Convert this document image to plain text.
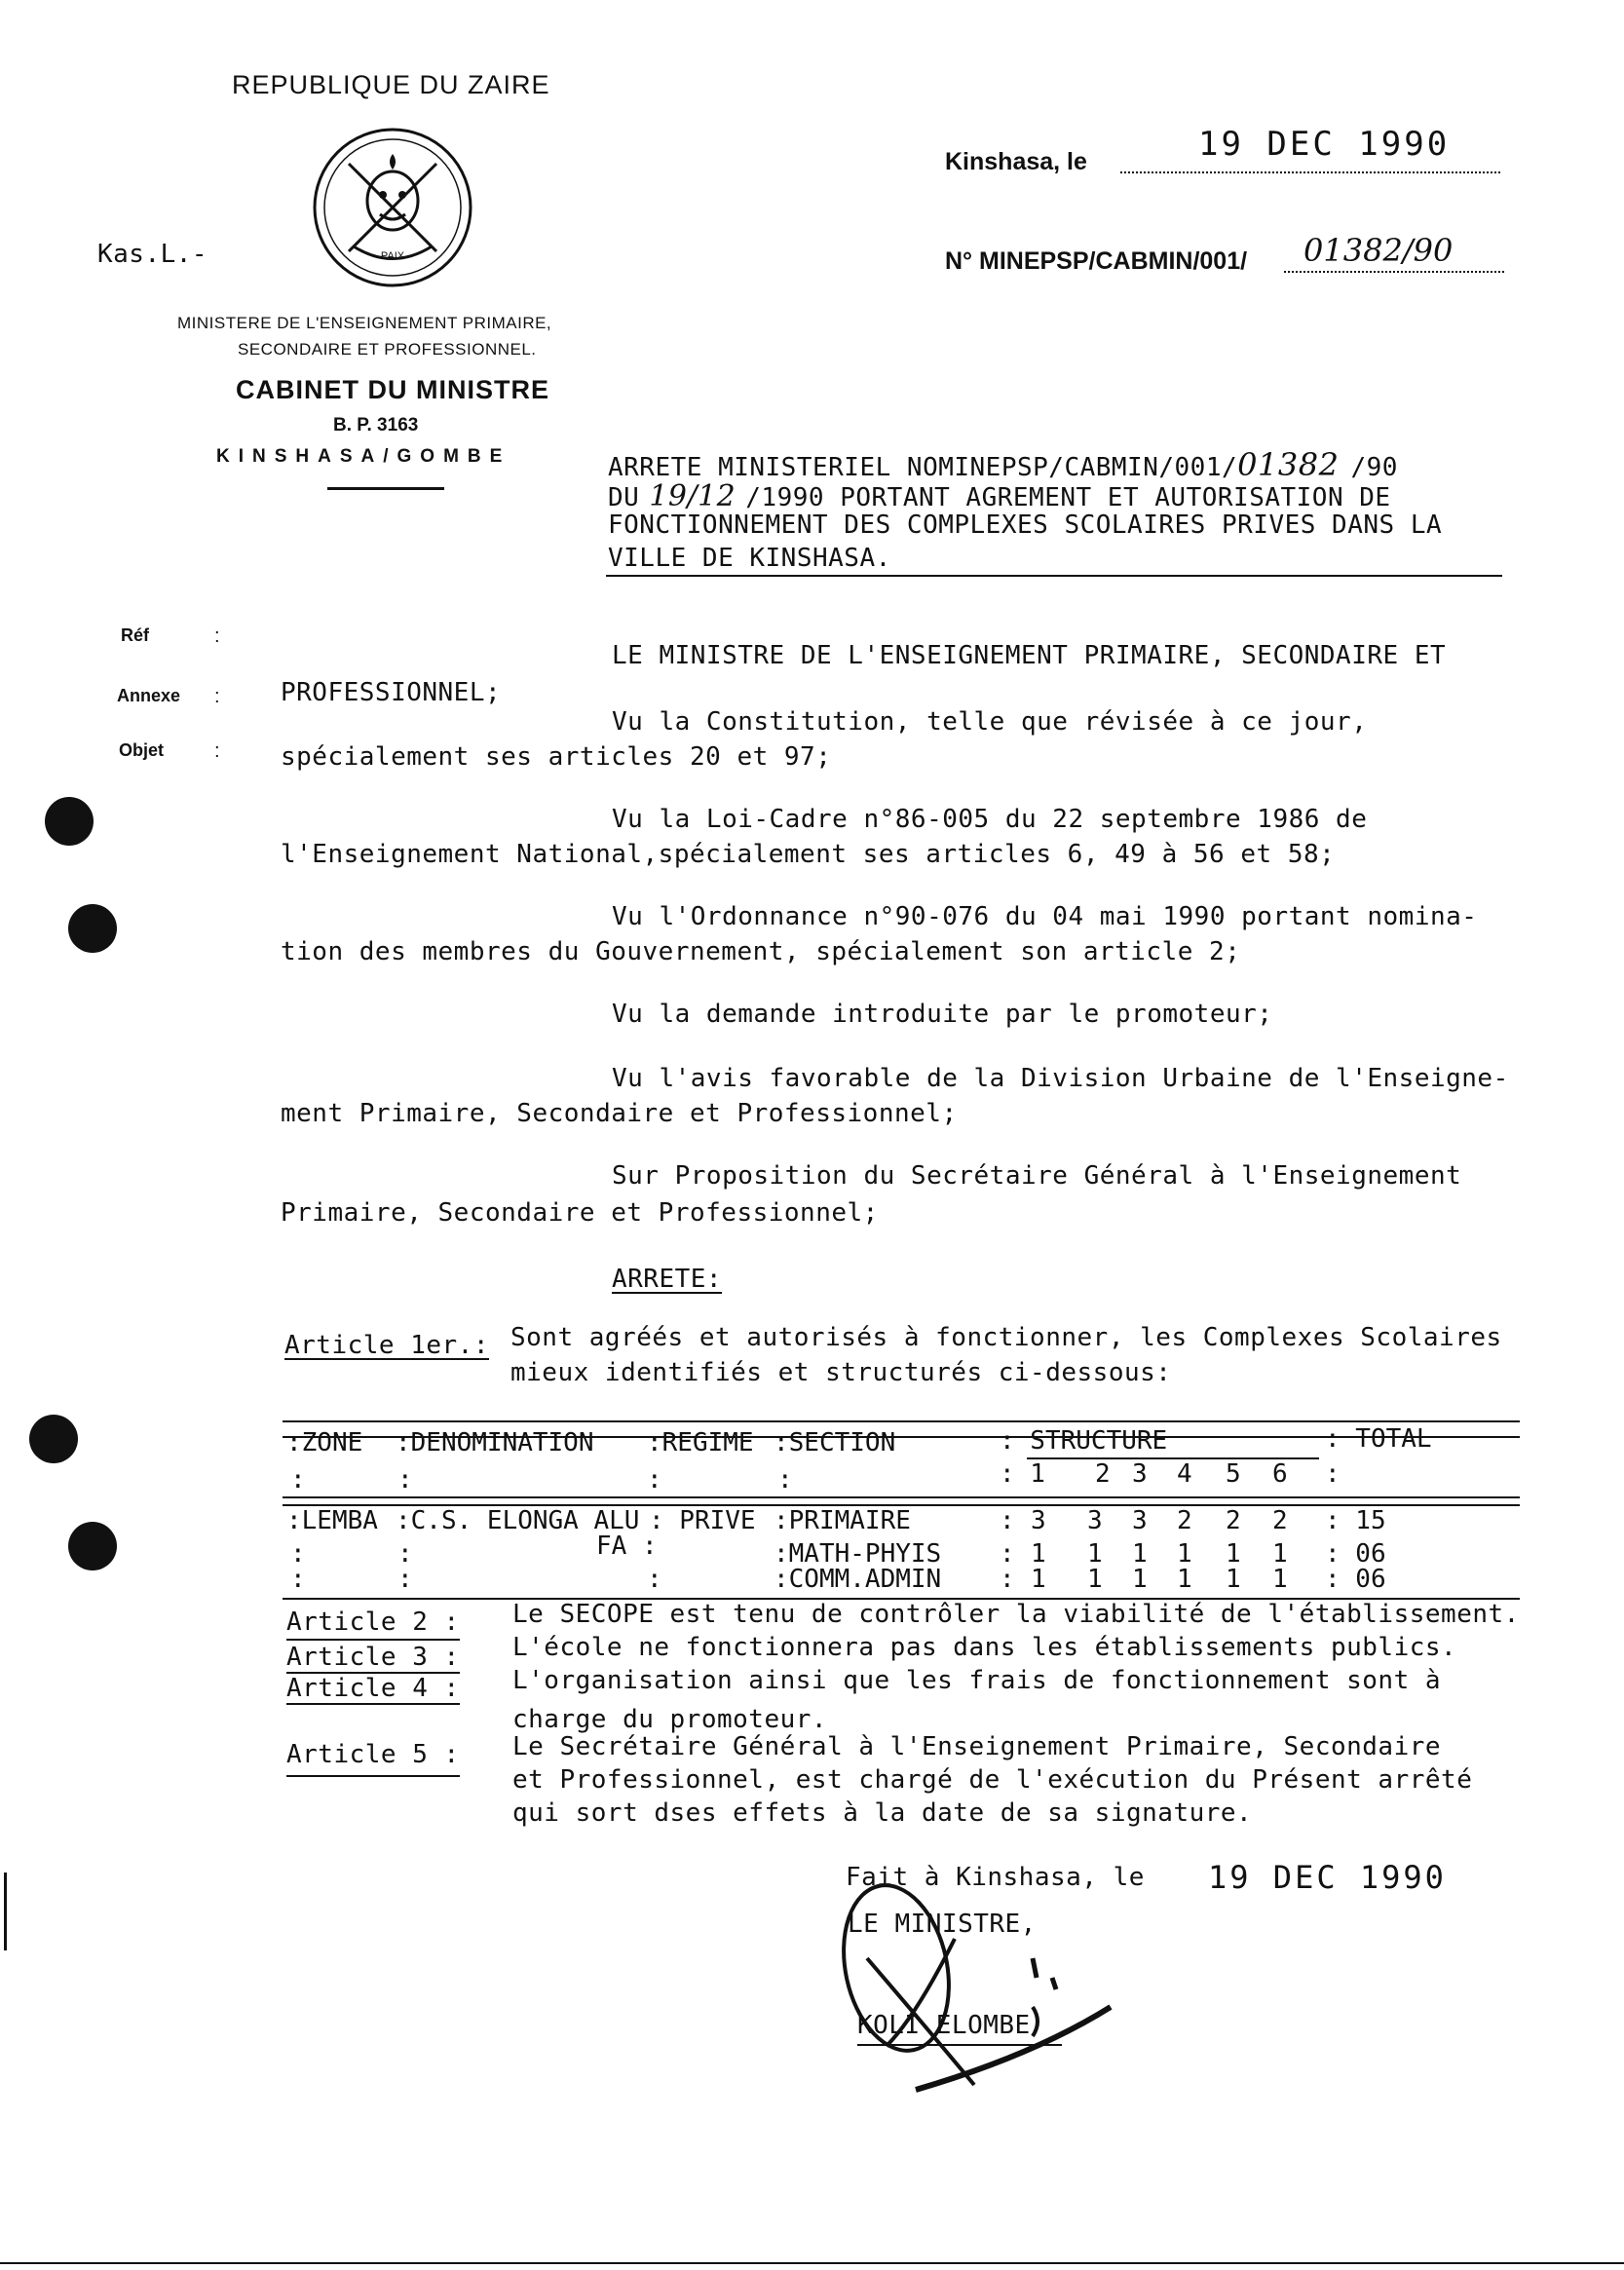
REPUBLIQUE DU ZAIRE
PAIX
Kas.L.-
MINISTERE DE L'ENSEIGNEMENT PRIMAIRE,
SECONDAIRE ET PROFESSIONNEL.
CABINET DU MINISTRE
B. P. 3163
KINSHASA/GOMBE
Kinshasa, le	19 DEC 1990
N° MINEPSP/CABMIN/001/ 01382/90
Réf	:
Annexe :
Objet	:
ARRETE MINISTERIEL NOMINEPSP/CABMIN/001/01382 /90
DU 19/12 /1990 PORTANT AGREMENT ET AUTORISATION DE
FONCTIONNEMENT DES COMPLEXES SCOLAIRES PRIVES DANS LA
VILLE DE KINSHASA.
LE MINISTRE DE L'ENSEIGNEMENT PRIMAIRE, SECONDAIRE ET
PROFESSIONNEL;
Vu la Constitution, telle que révisée à ce jour,
spécialement ses articles 20 et 97;
Vu la Loi-Cadre n°86-005 du 22 septembre 1986 de
l'Enseignement National,spécialement ses articles 6, 49 à 56 et 58;
Vu l'Ordonnance n°90-076 du 04 mai 1990 portant nomina-
tion des membres du Gouvernement, spécialement son article 2;
Vu la demande introduite par le promoteur;
Vu l'avis favorable de la Division Urbaine de l'Enseigne-
ment Primaire, Secondaire et Professionnel;
Sur Proposition du Secrétaire Général à l'Enseignement
Primaire, Secondaire et Professionnel;
ARRETE:
Article 1er.: Sont agréés et autorisés à fonctionner, les Complexes Scolaires
mieux identifiés et structurés ci-dessous:
:ZONE :DENOMINATION :REGIME :SECTION	: STRUCTURE	: TOTAL
:	:	:	:	: 1 2 3 4 5 6 :
:LEMBA :C.S. ELONGA ALU : PRIVE :PRIMAIRE	: 3 3 3 2 2 2 : 15
:	:	FA :	:MATH-PHYIS : 1 1 1 1 1 1 : 06
:	:	:	:COMM.ADMIN : 1 1 1 1 1 1 : 06
Article 2 : Le SECOPE est tenu de contrôler la viabilité de l'établissement.
Article 3 : L'école ne fonctionnera pas dans les établissements publics.
Article 4 : L'organisation ainsi que les frais de fonctionnement sont à
charge du promoteur.
Article 5 : Le Secrétaire Général à l'Enseignement Primaire, Secondaire
et Professionnel, est chargé de l'exécution du Présent arrêté
qui sort dses effets à la date de sa signature.
Fait à Kinshasa, le 19 DEC 1990
LE MINISTRE,
KOLI ELOMBE
